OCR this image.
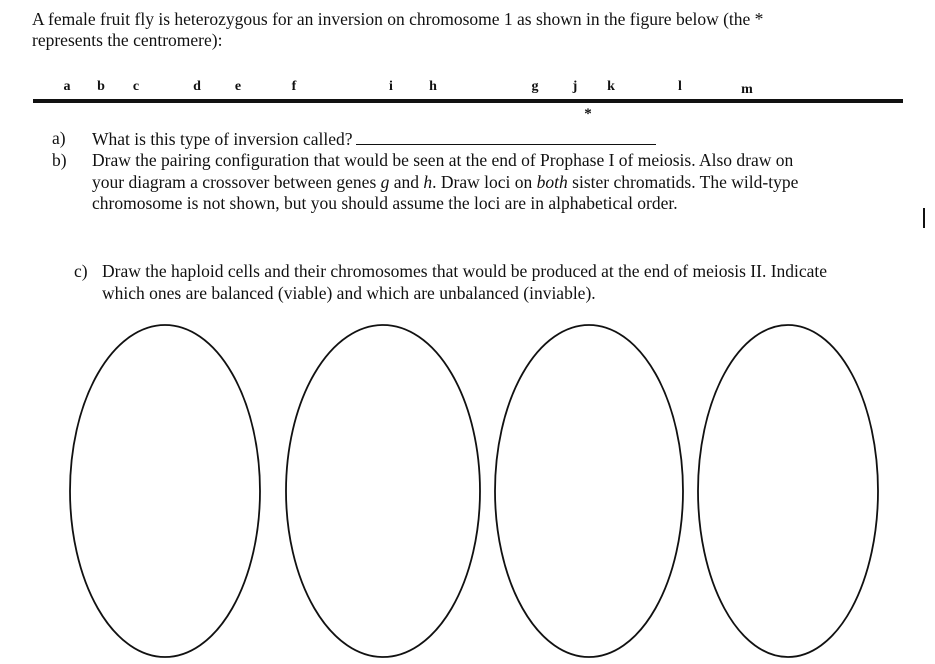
A female fruit fly is heterozygous for an inversion on chromosome 1 as shown in the figure below (the *
represents the centromere):
a b c	d e	f	i	h	g j k	l	m
*
a) What is this type of inversion called?
b) Draw the pairing configuration that would be seen at the end of Prophase I of meiosis. Also draw on
your diagram a crossover between genes g and h. Draw loci on both sister chromatids. The wild-type
chromosome is not shown, but you should assume the loci are in alphabetical order.
c) Draw the haploid cells and their chromosomes that would be produced at the end of meiosis II. Indicate
which ones are balanced (viable) and which are unbalanced (inviable).
